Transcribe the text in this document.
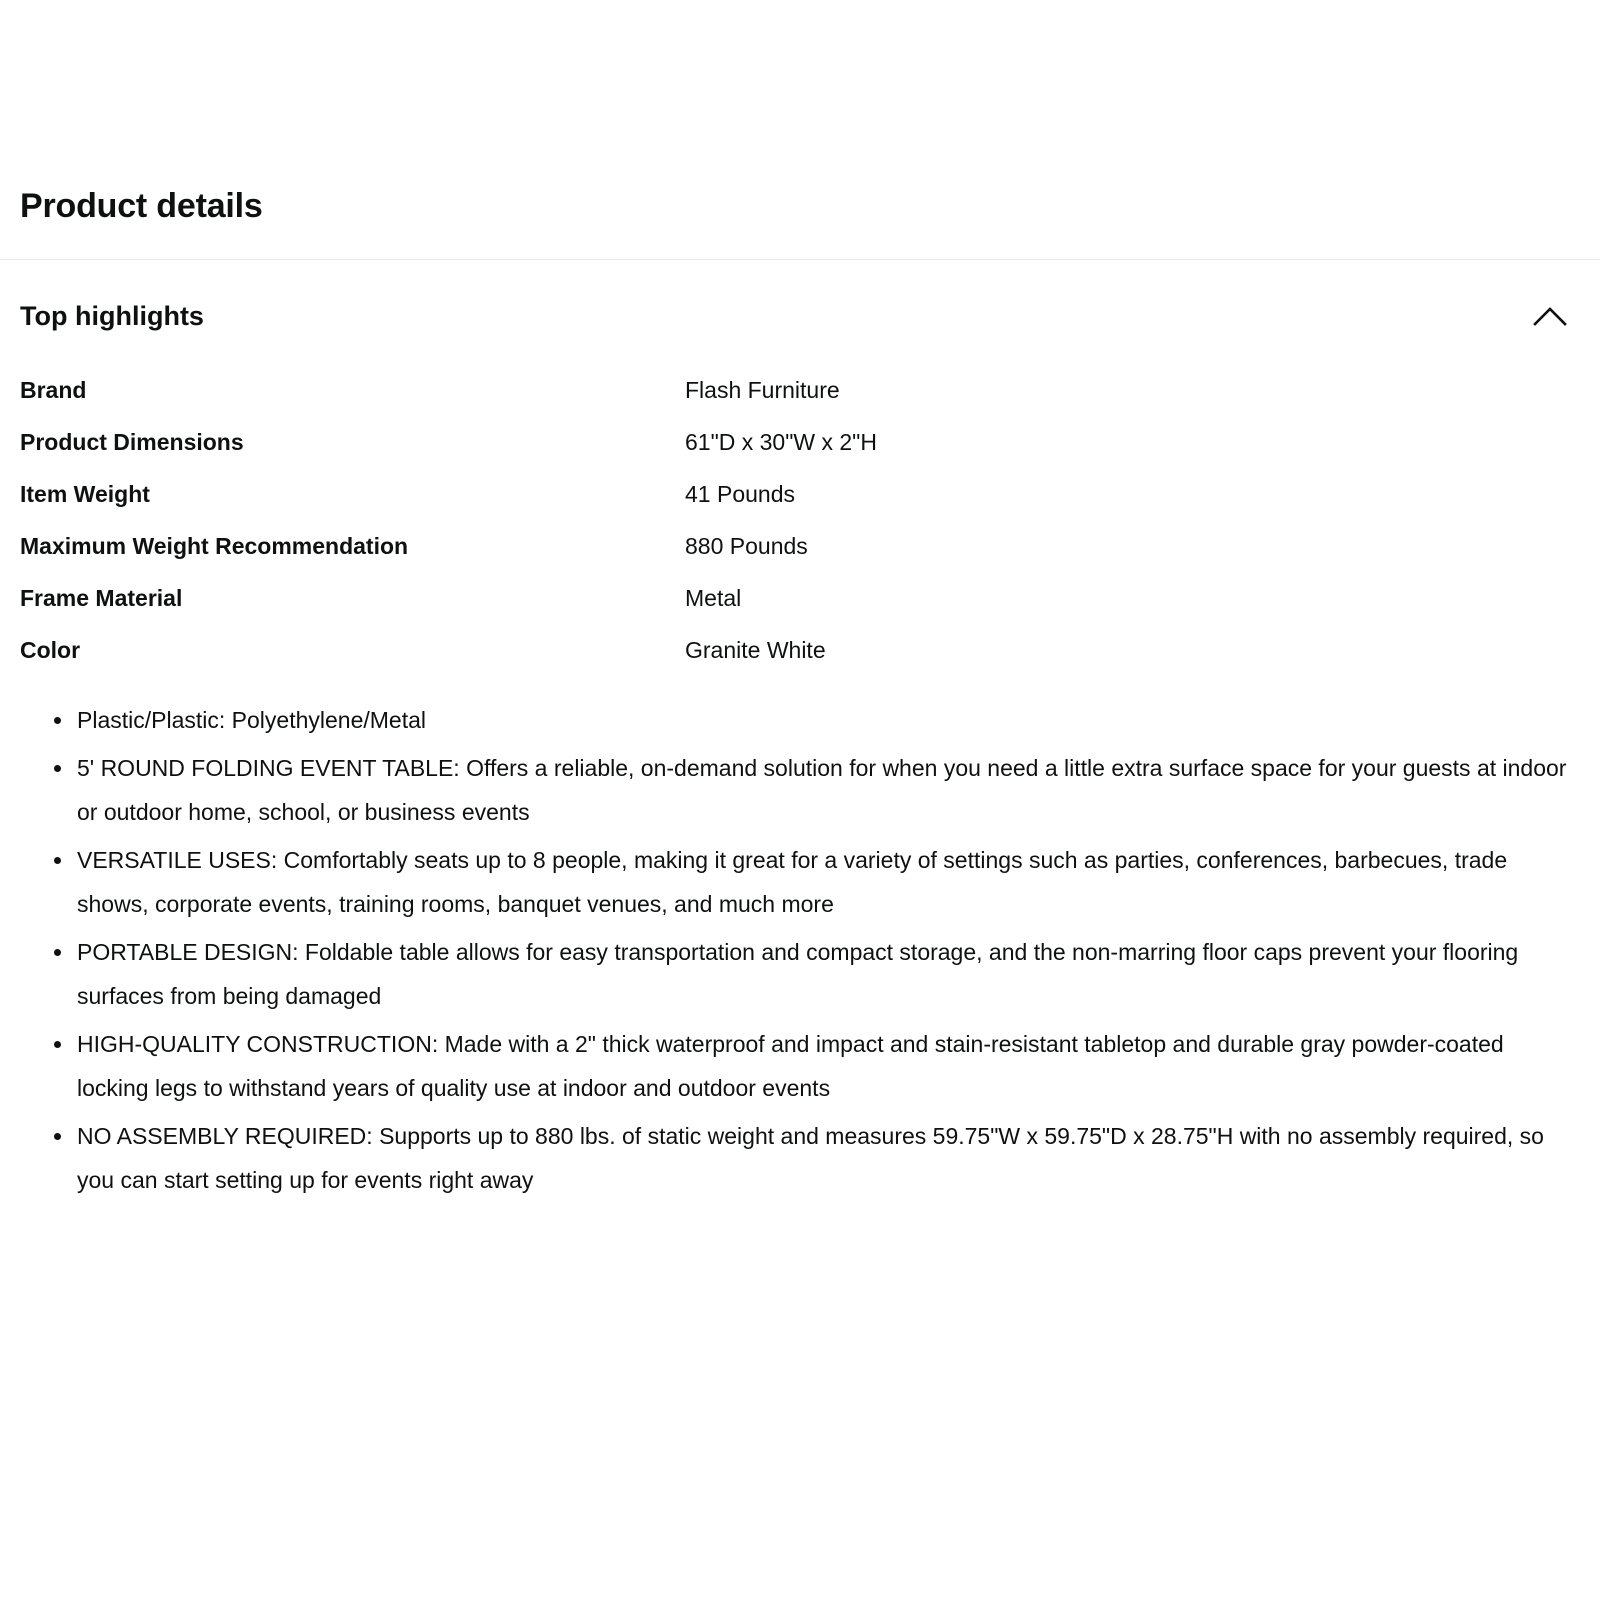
Product details
Top highlights
Brand	Flash Furniture
Product Dimensions	61"D x 30"W x 2"H
Item Weight	41 Pounds
Maximum Weight Recommendation	880 Pounds
Frame Material	Metal
Color	Granite White
Plastic/Plastic: Polyethylene/Metal
5' ROUND FOLDING EVENT TABLE: Offers a reliable, on-demand solution for when you need a little extra surface space for your guests at indoor or outdoor home, school, or business events
VERSATILE USES: Comfortably seats up to 8 people, making it great for a variety of settings such as parties, conferences, barbecues, trade shows, corporate events, training rooms, banquet venues, and much more
PORTABLE DESIGN: Foldable table allows for easy transportation and compact storage, and the non-marring floor caps prevent your flooring surfaces from being damaged
HIGH-QUALITY CONSTRUCTION: Made with a 2" thick waterproof and impact and stain-resistant tabletop and durable gray powder-coated locking legs to withstand years of quality use at indoor and outdoor events
NO ASSEMBLY REQUIRED: Supports up to 880 lbs. of static weight and measures 59.75"W x 59.75"D x 28.75"H with no assembly required, so you can start setting up for events right away
